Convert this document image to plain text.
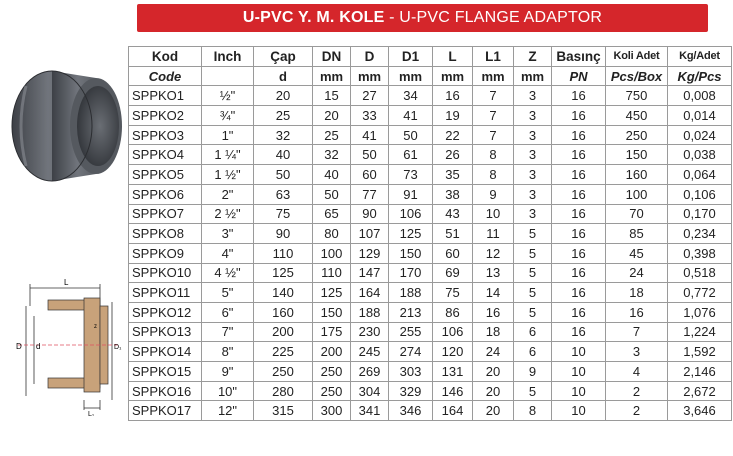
U-PVC Y. M. KOLE - U-PVC FLANGE ADAPTOR
L
D d	D₁
z
L₁
Kod	Inch	Çap	DN	D	D1	L	L1	Z	Basınç	Koli Adet	Kg/Adet
Code		d	mm	mm	mm	mm	mm	mm	PN	Pcs/Box	Kg/Pcs
SPPKO1	½"	20	15	27	34	16	7	3	16	750	0,008
SPPKO2	¾"	25	20	33	41	19	7	3	16	450	0,014
SPPKO3	1"	32	25	41	50	22	7	3	16	250	0,024
SPPKO4	1 ¼"	40	32	50	61	26	8	3	16	150	0,038
SPPKO5	1 ½"	50	40	60	73	35	8	3	16	160	0,064
SPPKO6	2"	63	50	77	91	38	9	3	16	100	0,106
SPPKO7	2 ½"	75	65	90	106	43	10	3	16	70	0,170
SPPKO8	3"	90	80	107	125	51	11	5	16	85	0,234
SPPKO9	4"	110	100	129	150	60	12	5	16	45	0,398
SPPKO10	4 ½"	125	110	147	170	69	13	5	16	24	0,518
SPPKO11	5"	140	125	164	188	75	14	5	16	18	0,772
SPPKO12	6"	160	150	188	213	86	16	5	16	16	1,076
SPPKO13	7"	200	175	230	255	106	18	6	16	7	1,224
SPPKO14	8"	225	200	245	274	120	24	6	10	3	1,592
SPPKO15	9"	250	250	269	303	131	20	9	10	4	2,146
SPPKO16	10"	280	250	304	329	146	20	5	10	2	2,672
SPPKO17	12"	315	300	341	346	164	20	8	10	2	3,646
